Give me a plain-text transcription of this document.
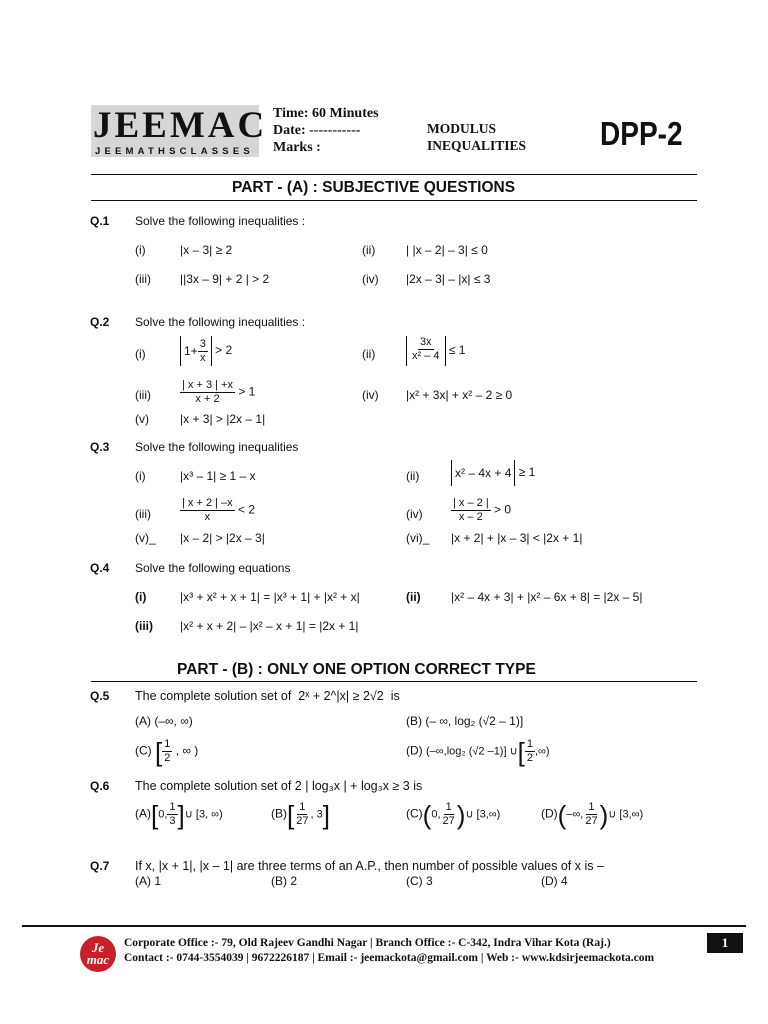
JEEMAC
JEEMATHSCLASSES
Time: 60 Minutes
Date: -----------
Marks :
MODULUS
INEQUALITIES DPP-2
PART - (A) : SUBJECTIVE QUESTIONS
Q.1 Solve the following inequalities :
(i)	|x – 3| ≥ 2	(ii)	| |x – 2| – 3| ≤ 0
(iii) ||3x – 9| + 2 | > 2	(iv) |2x – 3| – |x| ≤ 3
Q.2 Solve the following inequalities :
(i)	$1+ \frac{3}{x} > 2$	(ii)	$\frac{3x}{\text{x² – 4}} \le 1$
(iii)	$\frac{| x + 3 | +x}{x + 2} > 1$	(iv) |x² + 3x| + x² – 2 ≥ 0
(v)	|x + 3| > |2x – 1|
Q.3 Solve the following inequalities
(i)	|x³ – 1| ≥ 1 – x	(ii)	x² – 4x + 4 ≥ 1
(iii)	$\frac{| x + 2 | -x}{x} < 2$	(iv)	$\frac{| x - 2 |}{x - 2} > 0$
(v)_ |x – 2| > |2x – 3|	(vi)_ |x + 2| + |x – 3| < |2x + 1|
Q.4 Solve the following equations
(i)	|x³ + x² + x + 1| = |x³ + 1| + |x² + x|	(ii)	|x² – 4x + 3| + |x² – 6x + 8| = |2x – 5|
(iii) |x² + x + 2| – |x² – x + 1| = |2x + 1|
PART - (B) : ONLY ONE OPTION CORRECT TYPE
Q.5 The complete solution set of 2ˣ + 2^|x| ≥ 2√2 is
(A) (–∞, ∞)	(B) (– ∞, log₂ (√2 – 1)]
(C) [ $\frac{1}{2}$ , ∞ )	(D) (–∞,log₂ (√2 –1)] ∪[ $\frac{1}{2}$ ,∞)
Q.6 The complete solution set of 2 | log₃x | + log₃x ≥ 3 is
(A)[0, $\frac{1}{3}$ ]∪ [3, ∞)	$(B)[ \frac{1}{27}$ , 3]	(C)(0, $\frac{1}{27}$ )∪ [3,∞)	(D)(–∞, $\frac{1}{27}$ )∪ [3,∞)
Q.7 If x, |x + 1|, |x – 1| are three terms of an A.P., then number of possible values of x is –
(A) 1	(B) 2	(C) 3	(D) 4
Je mac
Corporate Office :- 79, Old Rajeev Gandhi Nagar | Branch Office :- C-342, Indra Vihar Kota (Raj.)
Contact :- 0744-3554039 | 9672226187 | Email :- jeemackota@gmail.com | Web :- www.kdsirjeemackota.com
1
